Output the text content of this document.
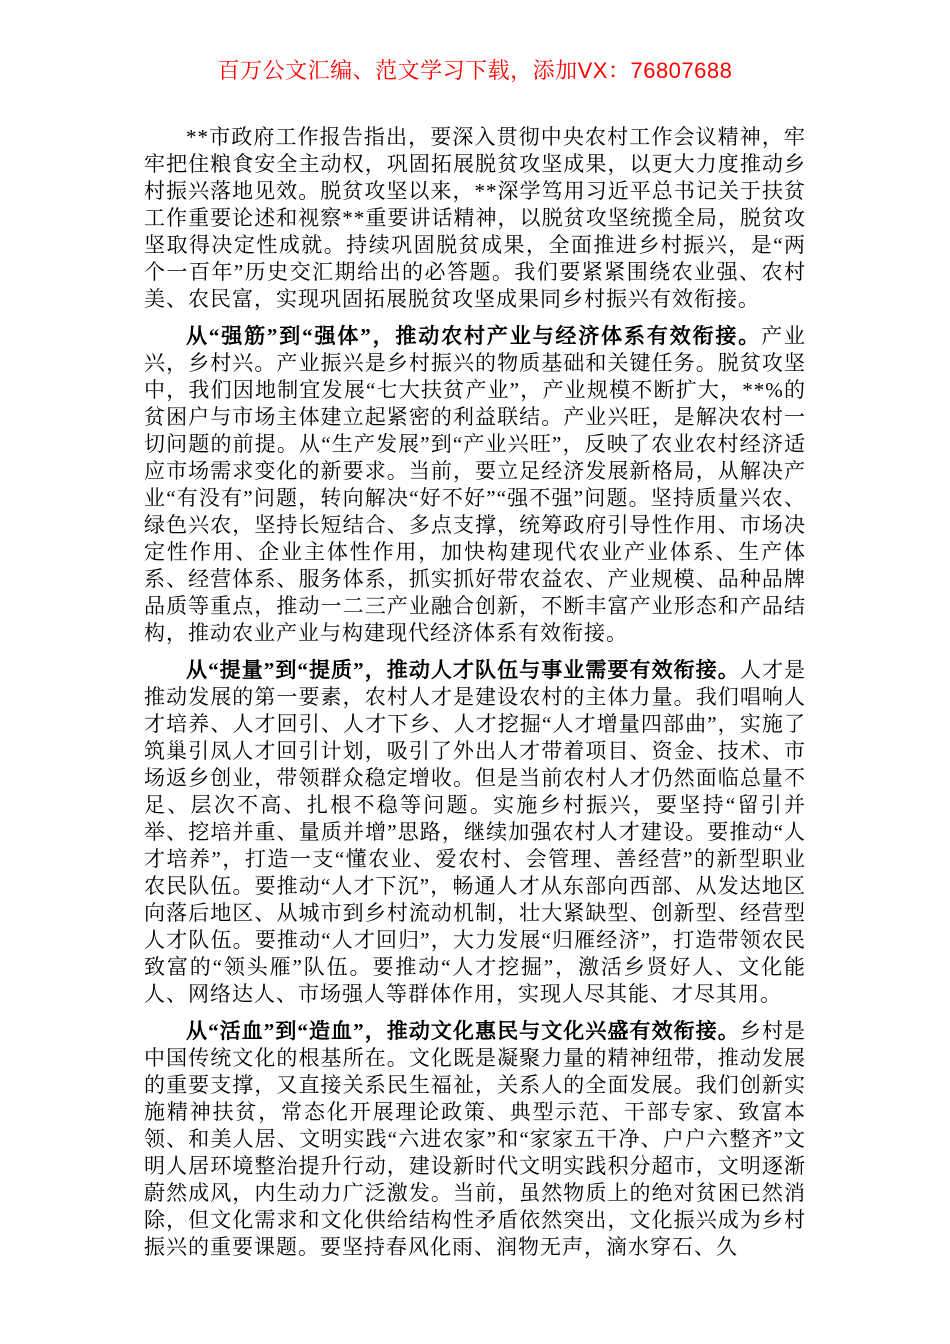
百万公文汇编、范文学习下载，添加VX：76807688

**市政府工作报告指出，要深入贯彻中央农村工作会议精神，牢牢把住粮食安全主动权，巩固拓展脱贫攻坚成果，以更大力度推动乡村振兴落地见效。脱贫攻坚以来，**深学笃用习近平总书记关于扶贫工作重要论述和视察**重要讲话精神，以脱贫攻坚统揽全局，脱贫攻坚取得决定性成就。持续巩固脱贫成果，全面推进乡村振兴，是“两个一百年”历史交汇期给出的必答题。我们要紧紧围绕农业强、农村美、农民富，实现巩固拓展脱贫攻坚成果同乡村振兴有效衔接。

从“强筋”到“强体”，推动农村产业与经济体系有效衔接。产业兴，乡村兴。产业振兴是乡村振兴的物质基础和关键任务。脱贫攻坚中，我们因地制宜发展“七大扶贫产业”，产业规模不断扩大，**%的贫困户与市场主体建立起紧密的利益联结。产业兴旺，是解决农村一切问题的前提。从“生产发展”到“产业兴旺”，反映了农业农村经济适应市场需求变化的新要求。当前，要立足经济发展新格局，从解决产业“有没有”问题，转向解决“好不好”“强不强”问题。坚持质量兴农、绿色兴农，坚持长短结合、多点支撑，统筹政府引导性作用、市场决定性作用、企业主体性作用，加快构建现代农业产业体系、生产体系、经营体系、服务体系，抓实抓好带农益农、产业规模、品种品牌品质等重点，推动一二三产业融合创新，不断丰富产业形态和产品结构，推动农业产业与构建现代经济体系有效衔接。

从“提量”到“提质”，推动人才队伍与事业需要有效衔接。人才是推动发展的第一要素，农村人才是建设农村的主体力量。我们唱响人才培养、人才回引、人才下乡、人才挖掘“人才增量四部曲”，实施了筑巢引凤人才回引计划，吸引了外出人才带着项目、资金、技术、市场返乡创业，带领群众稳定增收。但是当前农村人才仍然面临总量不足、层次不高、扎根不稳等问题。实施乡村振兴，要坚持“留引并举、挖培并重、量质并增”思路，继续加强农村人才建设。要推动“人才培养”，打造一支“懂农业、爱农村、会管理、善经营”的新型职业农民队伍。要推动“人才下沉”，畅通人才从东部向西部、从发达地区向落后地区、从城市到乡村流动机制，壮大紧缺型、创新型、经营型人才队伍。要推动“人才回归”，大力发展“归雁经济”，打造带领农民致富的“领头雁”队伍。要推动“人才挖掘”，激活乡贤好人、文化能人、网络达人、市场强人等群体作用，实现人尽其能、才尽其用。

从“活血”到“造血”，推动文化惠民与文化兴盛有效衔接。乡村是中国传统文化的根基所在。文化既是凝聚力量的精神纽带，推动发展的重要支撑，又直接关系民生福祉，关系人的全面发展。我们创新实施精神扶贫，常态化开展理论政策、典型示范、干部专家、致富本领、和美人居、文明实践“六进农家”和“家家五干净、户户六整齐”文明人居环境整治提升行动，建设新时代文明实践积分超市，文明逐渐蔚然成风，内生动力广泛激发。当前，虽然物质上的绝对贫困已然消除，但文化需求和文化供给结构性矛盾依然突出，文化振兴成为乡村振兴的重要课题。要坚持春风化雨、润物无声，滴水穿石、久
